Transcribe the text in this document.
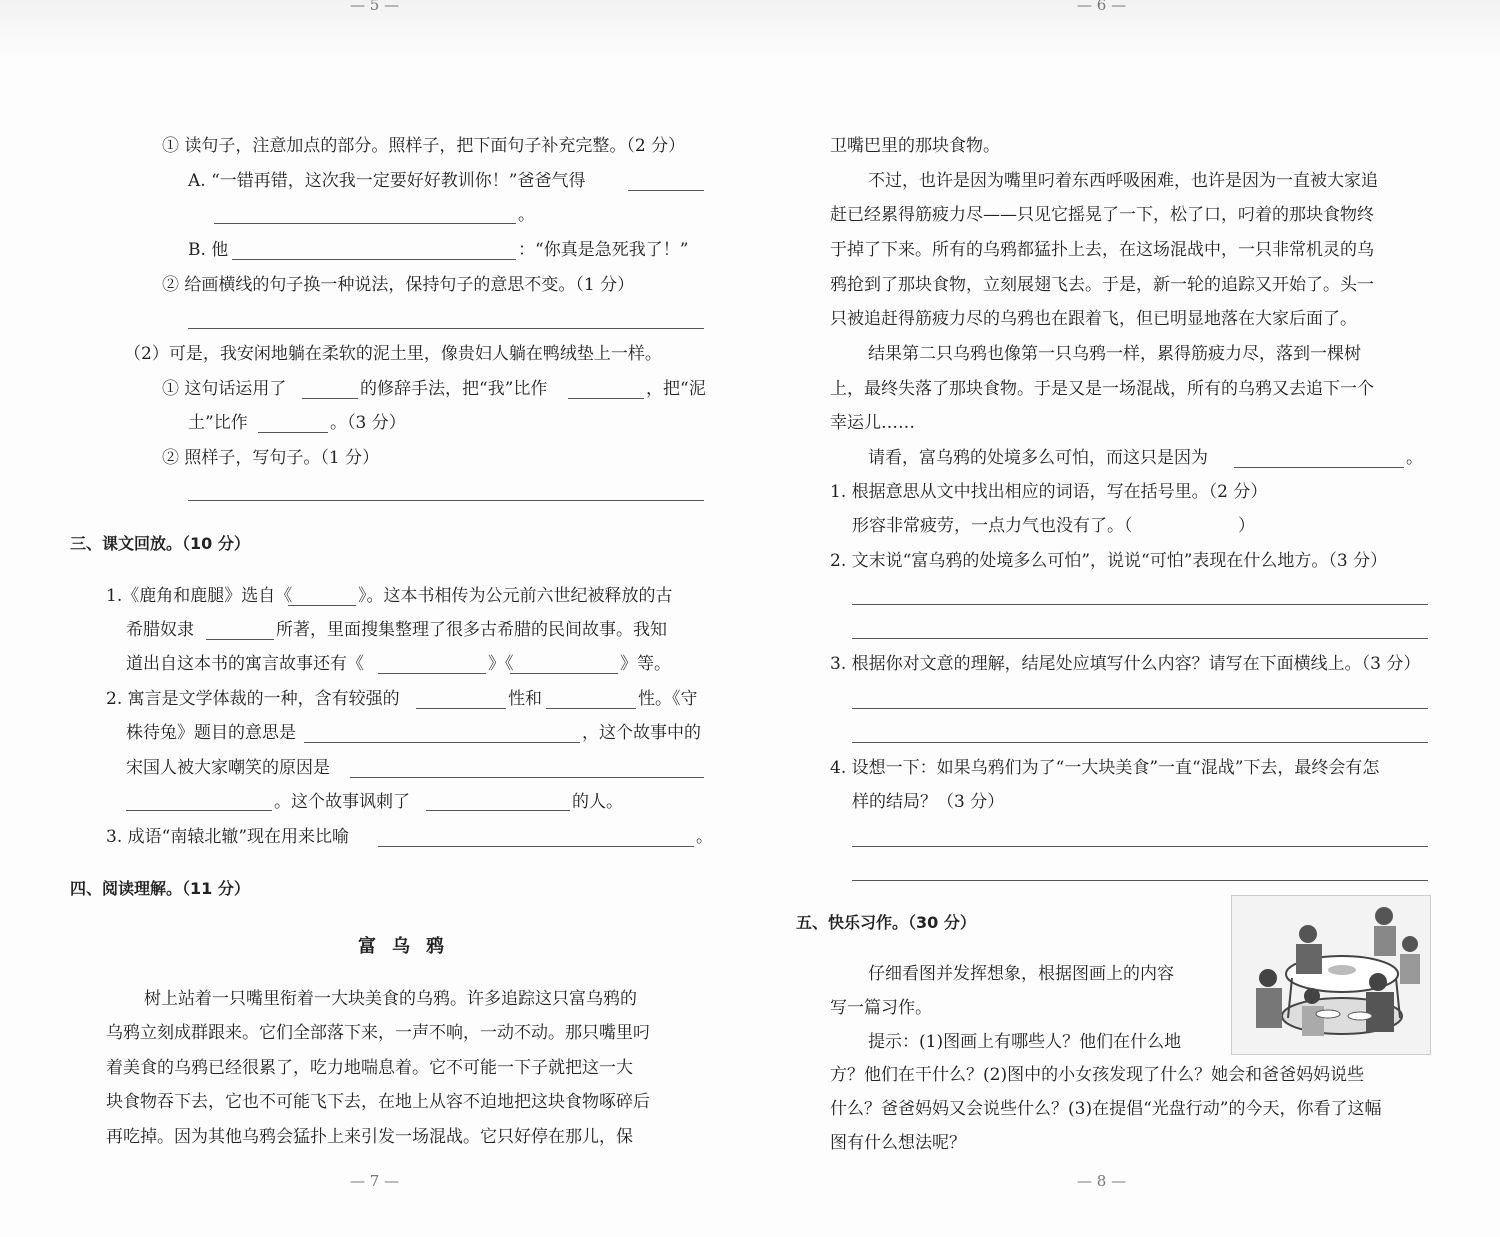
— 5 —	— 6 —
① 读句子，注意加点的部分。照样子，把下面句子补充完整。（2 分）
A. “一错再错，这次我一定要好好教训你！”爸爸气得
。
B. 他	：“你真是急死我了！”
② 给画横线的句子换一种说法，保持句子的意思不变。（1 分）
（2）可是，我安闲地躺在柔软的泥土里，像贵妇人躺在鸭绒垫上一样。
① 这句话运用了	的修辞手法，把“我”比作	，把“泥
土”比作	。（3 分）
② 照样子，写句子。（1 分）
三、课文回放。（10 分）
1.《鹿角和鹿腿》选自《	》。这本书相传为公元前六世纪被释放的古
希腊奴隶	所著，里面搜集整理了很多古希腊的民间故事。我知
道出自这本书的寓言故事还有《	》《	》等。
2. 寓言是文学体裁的一种，含有较强的	性和	性。《守
株待兔》题目的意思是	，这个故事中的
宋国人被大家嘲笑的原因是
。这个故事讽刺了	的人。
3. 成语“南辕北辙”现在用来比喻	。
四、阅读理解。（11 分）
富乌鸦
树上站着一只嘴里衔着一大块美食的乌鸦。许多追踪这只富乌鸦的
乌鸦立刻成群跟来。它们全部落下来，一声不响，一动不动。那只嘴里叼
着美食的乌鸦已经很累了，吃力地喘息着。它不可能一下子就把这一大
块食物吞下去，它也不可能飞下去，在地上从容不迫地把这块食物啄碎后
再吃掉。因为其他乌鸦会猛扑上来引发一场混战。它只好停在那儿，保
— 7 —
卫嘴巴里的那块食物。
不过，也许是因为嘴里叼着东西呼吸困难，也许是因为一直被大家追
赶已经累得筋疲力尽——只见它摇晃了一下，松了口，叼着的那块食物终
于掉了下来。所有的乌鸦都猛扑上去，在这场混战中，一只非常机灵的乌
鸦抢到了那块食物，立刻展翅飞去。于是，新一轮的追踪又开始了。头一
只被追赶得筋疲力尽的乌鸦也在跟着飞，但已明显地落在大家后面了。
结果第二只乌鸦也像第一只乌鸦一样，累得筋疲力尽，落到一棵树
上，最终失落了那块食物。于是又是一场混战，所有的乌鸦又去追下一个
幸运儿……
请看，富乌鸦的处境多么可怕，而这只是因为	。
1. 根据意思从文中找出相应的词语，写在括号里。（2 分）
形容非常疲劳，一点力气也没有了。（	）
2. 文末说“富乌鸦的处境多么可怕”，说说“可怕”表现在什么地方。（3 分）
3. 根据你对文意的理解，结尾处应填写什么内容？请写在下面横线上。（3 分）
4. 设想一下：如果乌鸦们为了“一大块美食”一直“混战”下去，最终会有怎
样的结局？（3 分）
五、快乐习作。（30 分）
仔细看图并发挥想象，根据图画上的内容
写一篇习作。
提示：(1)图画上有哪些人？他们在什么地
方？他们在干什么？(2)图中的小女孩发现了什么？她会和爸爸妈妈说些
什么？爸爸妈妈又会说些什么？(3)在提倡“光盘行动”的今天，你看了这幅
图有什么想法呢？
— 8 —
